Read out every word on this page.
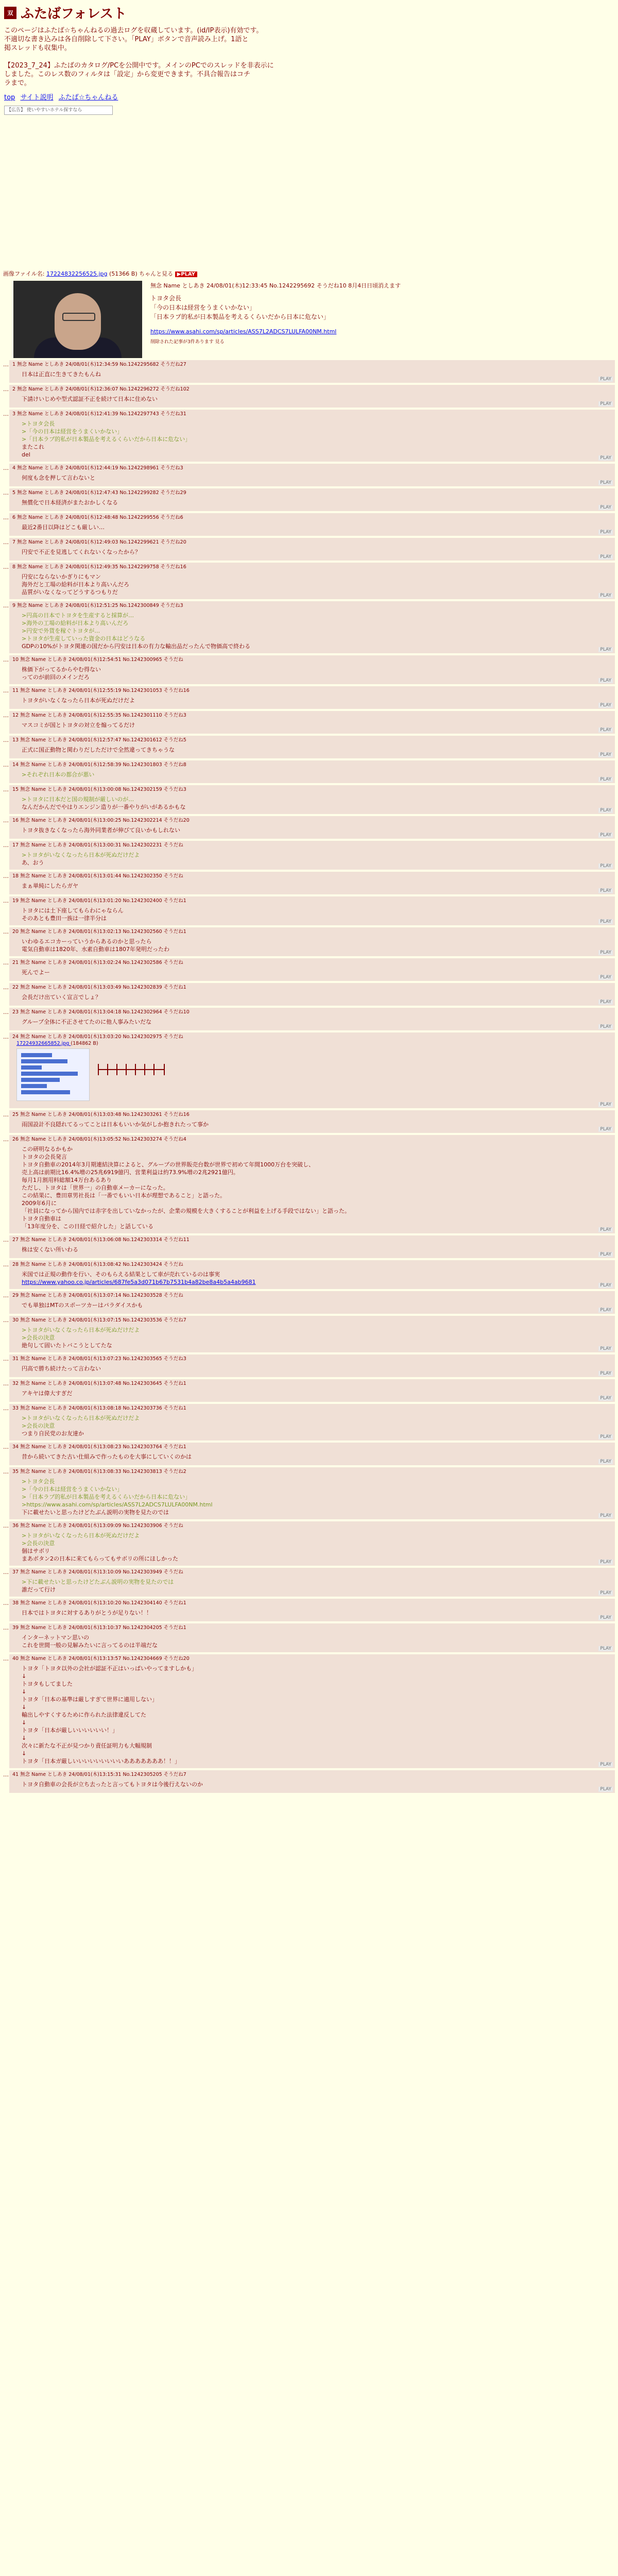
双 ふたばフォレスト
このページはふたば☆ちゃんねるの過去ログを収蔵しています。(id/IP表示)有効です。
不適切な書き込みは各自削除して下さい。「PLAY」ボタンで音声読み上げ。1語と
掲スレッドも収集中。

【2023_7_24】ふたばのカタログ/PCを公開中です。メインのPCでのスレッドを非表示に
しました。このレス数のフィルタは「設定」から変更できます。不具合報告はコチ
ラまで。
top サイト説明 ふたば☆ちゃんねる
【広告】 使いやすいホテル探すなら
画像ファイル名: 17224832256525.jpg (51366 B) ちゃんと見る ▶PLAY
無念 Name としあき 24/08/01(木)12:33:45 No.1242295692 そうだね10 8月4日日頃消えます
トヨタ会長
「今の日本は経営をうまくいかない」
「日本ラプ的私が日本製品を考えるくらいだから日本に危ない」
https://www.asahi.com/sp/articles/ASS7L2ADCS7LULFA00NM.html
削除された記事が3件あります 見る
… 1 無念 Name としあき 24/08/01(木)12:34:59 No.1242295682 そうだね27
日本は正直に生きてきたもんね
PLAY
… 2 無念 Name としあき 24/08/01(木)12:36:07 No.1242296272 そうだね102
下請けいじめや型式認証不正を続けて日本に住めない
PLAY
… 3 無念 Name としあき 24/08/01(木)12:41:39 No.1242297743 そうだね31
>トヨタ会長
>「今の日本は経営をうまくいかない」
>「日本ラプ的私が日本製品を考えるくらいだから日本に危ない」
またこれ
del	PLAY
… 4 無念 Name としあき 24/08/01(木)12:44:19 No.1242298961 そうだね3
何度も念を押して言わないと
PLAY
… 5 無念 Name としあき 24/08/01(木)12:47:43 No.1242299282 そうだね29
無償化で日本経済がまたおかしくなる
PLAY
… 6 無念 Name としあき 24/08/01(木)12:48:48 No.1242299556 そうだね6
最近2番目以降はどこも厳しい…
PLAY
… 7 無念 Name としあき 24/08/01(木)12:49:03 No.1242299621 そうだね20
円安で不正を見逃してくれないくなったから？
PLAY
… 8 無念 Name としあき 24/08/01(木)12:49:35 No.1242299758 そうだね16
円安にならないかぎりにもマン
海外だと工場の給料が日本より高いんだろ
品質がいなくなってどうするつもりだ	PLAY
… 9 無念 Name としあき 24/08/01(木)12:51:25 No.1242300849 そうだね3
>円高の日本でトヨタを生産すると採算が…
>海外の工場の給料が日本より高いんだろ
>円安で外貨を稼ぐトヨタが…
>トヨタが生産していった資金の日本はどうなる
GDPの10%がトヨタ関連の国だから円安は日本の有力な輸出品だったんで物価高で終わる	PLAY
… 10 無念 Name としあき 24/08/01(木)12:54:51 No.1242300965 そうだね
株価下がってるからやむ得ない
ってのが前回のメインだろ	PLAY
… 11 無念 Name としあき 24/08/01(木)12:55:19 No.1242301053 そうだね16
トヨタがいなくなったら日本が死ぬだけだよ
PLAY
… 12 無念 Name としあき 24/08/01(木)12:55:35 No.1242301110 そうだね3
マスコミが国とトヨタの対立を煽ってるだけ
PLAY
… 13 無念 Name としあき 24/08/01(木)12:57:47 No.1242301612 そうだね5
正式に国正動物と関わりだしただけで全然違ってきちゃうな
PLAY
… 14 無念 Name としあき 24/08/01(木)12:58:39 No.1242301803 そうだね8
>それぞれ日本の都合が悪い
PLAY
… 15 無念 Name としあき 24/08/01(木)13:00:08 No.1242302159 そうだね3
>トヨタに日本だと国の規制が厳しいのが…
なんだかんだでやはりエンジン造りが一番やりがいがあるかもな	PLAY
… 16 無念 Name としあき 24/08/01(木)13:00:25 No.1242302214 そうだね20
トヨタ抜きなくなったら海外同業者が伸びて良いかもしれない
PLAY
… 17 無念 Name としあき 24/08/01(木)13:00:31 No.1242302231 そうだね
>トヨタがいなくなったら日本が死ぬだけだよ
あ、おう	PLAY
… 18 無念 Name としあき 24/08/01(木)13:01:44 No.1242302350 そうだね
まぁ単純にしたらガヤ
PLAY
… 19 無念 Name としあき 24/08/01(木)13:01:20 No.1242302400 そうだね1
トヨタには土下座してもらわにゃならん
そのあとも豊田一族は一律半分は	PLAY
… 20 無念 Name としあき 24/08/01(木)13:02:13 No.1242302560 そうだね1
いわゆるエコカーっていうからあるのかと思ったら
電気自動車は1820年、水素自動車は1807年発明だったわ	PLAY
… 21 無念 Name としあき 24/08/01(木)13:02:24 No.1242302586 そうだね
死んでよー
PLAY
… 22 無念 Name としあき 24/08/01(木)13:03:49 No.1242302839 そうだね1
会長だけ出ていく宣言でしょ？
PLAY
… 23 無念 Name としあき 24/08/01(木)13:04:18 No.1242302964 そうだね10
グループ全体に不正させてたのに他人事みたいだな
PLAY
… 24 無念 Name としあき 24/08/01(木)13:03:20 No.1242302975 そうだね
17224932665852.jpg (184862 B)
PLAY
… 25 無念 Name としあき 24/08/01(木)13:03:48 No.1242303261 そうだね16
雨国設計不良隠れてるってことは日本もいいか気がしか抱きれたって事か
PLAY
… 26 無念 Name としあき 24/08/01(木)13:05:52 No.1242303274 そうだね4
この研明なるかもか
トヨタの会長発言
トヨタ自動車の2014年3月期連結決算によると、グループの世界販売台数が世界で初めて年間1000万台を突破し、
売上高は前期比16.4%増の25兆6919億円、営業利益は約73.9%増の2兆2921億円。
毎月1月割用料総額14万台あるあり
ただし、トヨタは「世界一」の自動車メーカーになった。
この結果に、豊田章男社長は「一番でもいい日本が理想であること」と語った。
2009年6月に
「社員になってから国内では赤字を出していなかったが、企業の規模を大きくすることが利益を上げる手段ではない」と語った。
トヨタ自動車は
「13年度分を、この日経で紹介した」と話している	PLAY
… 27 無念 Name としあき 24/08/01(木)13:06:08 No.1242303314 そうだね11
株は安くない所いわる
PLAY
… 28 無念 Name としあき 24/08/01(木)13:08:42 No.1242303424 そうだね
米国では正規の動作を行い、そのもらえる結果として車が売れているのは事実
https://www.yahoo.co.jp/articles/687fe5a3d071b67b7531b4a82be8a4b5a4ab9681	PLAY
… 29 無念 Name としあき 24/08/01(木)13:07:14 No.1242303528 そうだね
でも単独はMTのスポーツカーはパラダイスかも
PLAY
… 30 無念 Name としあき 24/08/01(木)13:07:15 No.1242303536 そうだね7
>トヨタがいなくなったら日本が死ぬだけだよ
>会長の決意
絶句して固いたトバこうとしてたな	PLAY
… 31 無念 Name としあき 24/08/01(木)13:07:23 No.1242303565 そうだね3
円高で勝ち続けたって言わない
PLAY
… 32 無念 Name としあき 24/08/01(木)13:07:48 No.1242303645 そうだね1
アキヤは偉大すぎだ
PLAY
… 33 無念 Name としあき 24/08/01(木)13:08:18 No.1242303736 そうだね1
>トヨタがいなくなったら日本が死ぬだけだよ
>会長の決意
つまり自民党のお友達か	PLAY
… 34 無念 Name としあき 24/08/01(木)13:08:23 No.1242303764 そうだね1
昔から続いてきた古い仕組みで作ったものを大事にしていくのかは
PLAY
… 35 無念 Name としあき 24/08/01(木)13:08:33 No.1242303813 そうだね2
>トヨタ会長
>「今の日本は経営をうまくいかない」
>「日本ラプ的私が日本製品を考えるくらいだから日本に危ない」
>https://www.asahi.com/sp/articles/ASS7L2ADCS7LULFA00NM.html
下に載せたいと思ったけどたぶん説明の実物を見たのでは	PLAY
… 36 無念 Name としあき 24/08/01(木)13:09:09 No.1242303906 そうだね
>トヨタがいなくなったら日本が死ぬだけだよ
>会長の決意
個はサボリ
まあボタン2の日本に来てもらってもサボリの所にほしかった	PLAY
… 37 無念 Name としあき 24/08/01(木)13:10:09 No.1242303949 そうだね
>下に載せたいと思ったけどたぶん説明の実物を見たのでは
誰だって行け	PLAY
… 38 無念 Name としあき 24/08/01(木)13:10:20 No.1242304140 そうだね1
日本ではトヨタに対するありがとうが足りない！！
PLAY
… 39 無念 Name としあき 24/08/01(木)13:10:37 No.1242304205 そうだね1
インターネットマン思いの
これを世間一般の見解みたいに言ってるのは半端だな	PLAY
… 40 無念 Name としあき 24/08/01(木)13:13:57 No.1242304669 そうだね20
トヨタ「トヨタ以外の会社が認証不正はいっぱいやってますしかも」
↓
トヨタもしてました
↓
トヨタ「日本の基準は厳しすぎて世界に適用しない」
↓
輸出しやすくするために作られた法律違反してた
↓
トヨタ「日本が厳しいいいいいい！」
↓
次々に新たな不正が見つかり責任証明力も大幅規制
↓
トヨタ「日本ガ厳しいいいいいいいいいあああああああ！！」	PLAY
… 41 無念 Name としあき 24/08/01(木)13:15:31 No.1242305205 そうだね7
トヨタ自動車の会長が立ち去ったと言ってもトヨタは今後行えないのか
PLAY
